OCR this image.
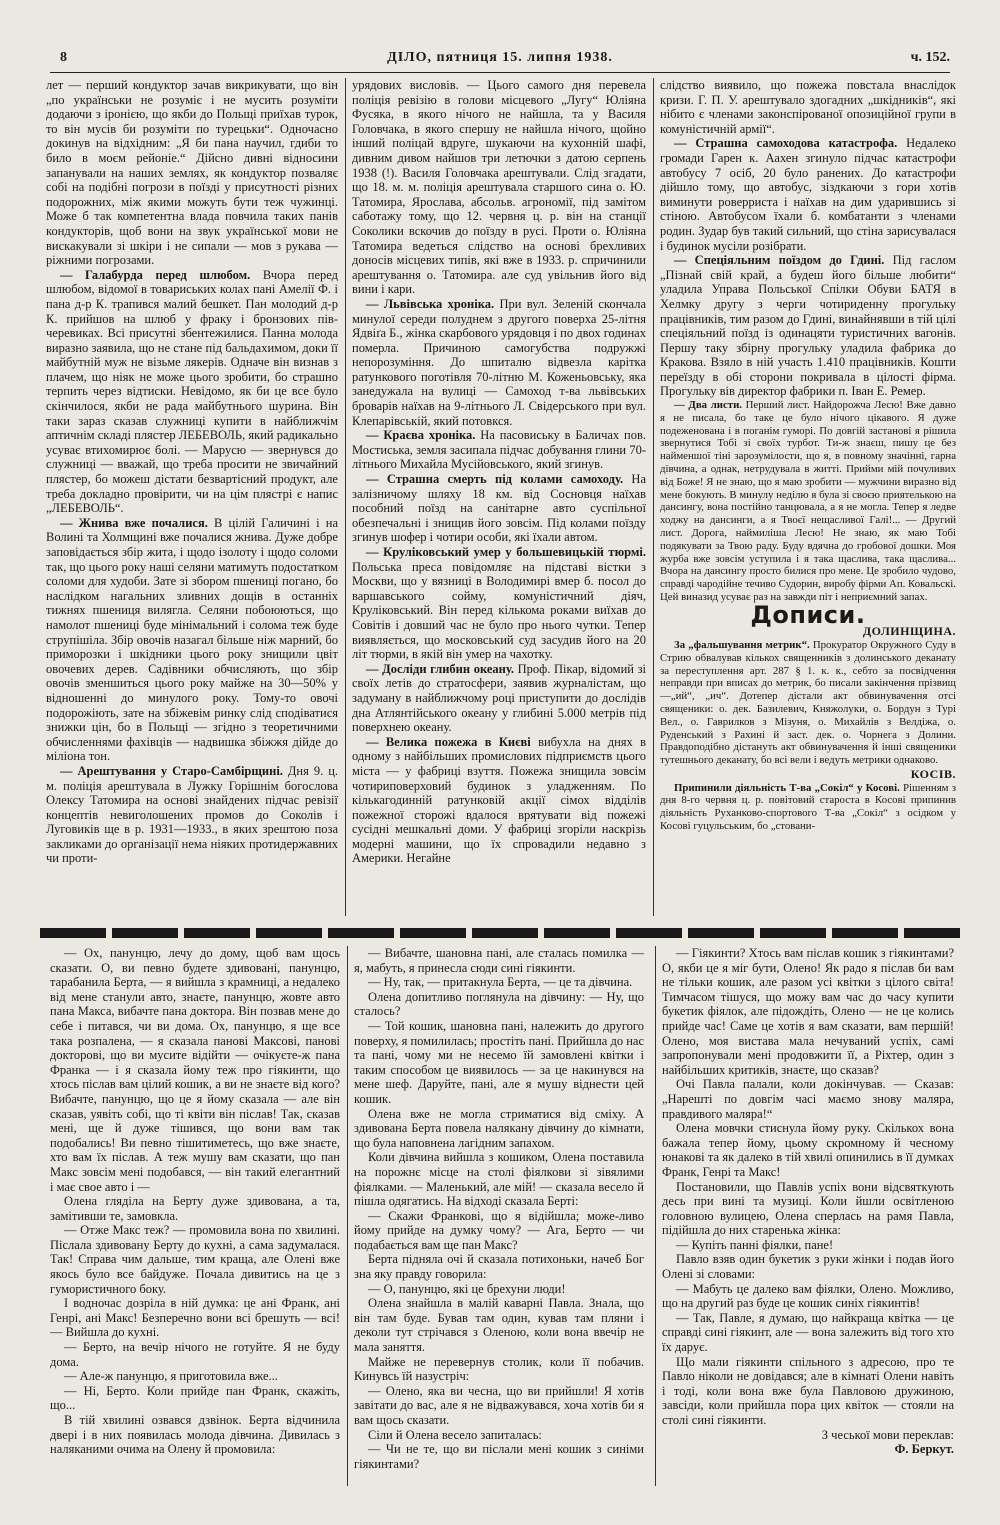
8	ДІЛО, пятниця 15. липня 1938.	ч. 152.

лет — перший кондуктор зачав викрикувати, що він „по українськи не розуміє і не мусить розуміти додаючи з іронією, що якби до Польщі приїхав турок, то він мусів би розуміти по турецьки“. Одночасно докинув на відхідним: „Я би пана научил, гдиби то било в моєм рейоніе.“ Дійсно дивні відносини запанували на наших землях, як кондуктор позваляє собі на подібні погрози в поїзді у присутності різних подорожних, між якими можуть бути теж чужинці. Може б так компетентна влада повчила таких панів кондукторів, щоб вони на звук української мови не вискакували зі шкіри і не сипали — мов з рукава — ріжними погрозами.

— Галабурда перед шлюбом. Вчора перед шлюбом, відомої в товариських колах пані Амелії Ф. і пана д-р К. трапився малий бешкет. Пан молодий д-р К. прийшов на шлюб у фраку і бронзових пів-черевиках. Всі присутні збентежилися. Панна молода виразно заявила, що не стане під бальдахимом, доки її майбутній муж не візьме лякерів. Одначе він визнав з плачем, що ніяк не може цього зробити, бо страшно терпить через відтиски. Невідомо, як би це все було скінчилося, якби не рада майбутнього шурина. Він таки зараз сказав служниці купити в найближчім аптичнім складі плястер ЛЕБЕВОЛЬ, який радикально усуває втихомирює болі. — Марусю — звернувся до служниці — вважай, що треба просити не звичайний плястер, бо можеш дістати безвартісний продукт, але треба докладно провірити, чи на цім плястрі є напис „ЛЕБЕВОЛЬ“.

— Жнива вже почалися. В цілій Галичині і на Волині та Холмщині вже почалися жнива. Дуже добре заповідається збір жита, і щодо ізолоту і щодо соломи так, що цього року наші селяни матимуть подостатком соломи для худоби. Зате зі збором пшениці погано, бо наслідком нагальних зливних дощів в останніх тижнях пшениця вилягла. Селяни побоюються, що намолот пшениці буде мінімальний і солома теж буде струпішіла. Збір овочів назагал більше ніж марний, бо приморозки і шкідники цього року знищили цвіт овочевих дерев. Садівники обчисляють, що збір овочів зменшиться цього року майже на 30—50% у відношенні до минулого року. Тому-то овочі подорожіють, зате на збіжевім ринку слід сподіватися знижки цін, бо в Польщі — згідно з теоретичними обчисленнями фахівців — надвишка збіжжя дійде до міліона тон.

— Арештування у Старо-Самбірщині. Дня 9. ц. м. поліція арештувала в Лужку Горішнім богослова Олексу Татомира на основі знайдених підчас ревізії концептів невиголошених промов до Соколів і Луговиків ще в р. 1931—1933., в яких зрештою поза закликами до організації нема ніяких протидержавних чи проти-

урядових висловів. — Цього самого дня перевела поліція ревізію в голови місцевого „Лугу“ Юліяна Фусяка, в якого нічого не найшла, та у Василя Головчака, в якого спершу не найшла нічого, щойно інший поліцай вдруге, шукаючи на кухонній шафі, дивним дивом найшов три летючки з датою серпень 1938 (!). Василя Головчака арештували. Слід згадати, що 18. м. м. поліція арештувала старшого сина о. Ю. Татомира, Ярослава, абсольв. агрономії, під замітом саботажу тому, що 12. червня ц. р. він на станції Соколики вскочив до поїзду в русі. Проти о. Юліяна Татомира ведеться слідство на основі брехливих доносів місцевих типів, які вже в 1933. р. спричинили арештування о. Татомира. але суд увільнив його від вини і кари.

— Львівська хроніка. При вул. Зеленій скончала минулої середи полуднем з другого поверха 25-літня Ядвіґа Б., жінка скарбового урядовця і по двох годинах померла. Причиною самогубства подружжі непорозуміння. До шпиталю відвезла карітка ратункового поготівля 70-літню М. Коженьовську, яка занедужала на вулиці — Самоход т-ва львівських броварів наїхав на 9-літнього Л. Свідерського при вул. Клепарівській, який потовкся.

— Краєва хроніка. На пасовиську в Баличах пов. Мостиська, земля засипала підчас добування глини 70-літнього Михайла Мусійовського, який згинув.

— Страшна смерть під колами самоходу. На залізничому шляху 18 км. від Сосновця наїхав пособний поїзд на санітарне авто суспільної обезпечальні і знищив його зовсім. Під колами поїзду згинув шофер і чотири особи, які їхали автом.

— Круліковський умер у большевицькій тюрмі. Польська преса повідомляє на підставі вістки з Москви, що у вязниці в Володимирі вмер б. посол до варшавського сойму, комуністичний діяч, Круліковський. Він перед кількома роками виїхав до Совітів і довший час не було про нього чутки. Тепер виявляється, що московський суд засудив його на 20 літ тюрми, в якій він умер на чахотку.

— Досліди глибин океану. Проф. Пікар, відомий зі своїх летів до стратосфери, заявив журналістам, що задуману в найближчому році приступити до дослідів дна Атлянтійського океану у глибині 5.000 метрів під поверхнею океану.

— Велика пожежа в Києві вибухла на днях в одному з найбільших промислових підприємств цього міста — у фабриці взуття. Пожежа знищила зовсім чотириповерховий будинок з уладженням. По кількагодинній ратунковій акції сімох відділів пожежної сторожі вдалося врятувати від пожежі сусідні мешкальні доми. У фабриці згоріли наскрізь модерні машини, що їх спровадили недавно з Америки. Негайне

слідство виявило, що пожежа повстала внаслідок кризи. Г. П. У. арештувало здогадних „шкідників“, які нібито є членами законспірованої опозиційної групи в комуністичній армії“.

— Страшна самоходова катастрофа. Недалеко громади Гарен к. Аахен згинуло підчас катастрофи автобусу 7 осіб, 20 було ранених. До катастрофи дійшло тому, що автобус, зіздкаючи з гори хотів виминути роверриста і наїхав на дим ударившись зі стіною. Автобусом їхали б. комбатанти з членами родин. Зудар був такий сильний, що стіна зарисувалася і будинок мусіли розібрати.

— Спеціяльним поїздом до Гдині. Під гаслом „Пізнай свій край, а будеш його більше любити“ уладила Управа Польської Спілки Обуви БАТЯ в Хелмку другу з черги чотириденну прогульку працівників, тим разом до Гдині, винайнявши в тій цілі спеціяльний поїзд із одинацяти туристичних вагонів. Першу таку збірну прогульку уладила фабрика до Кракова. Взяло в ній участь 1.410 працівників. Кошти переїзду в обі сторони покривала в цілості фірма. Прогульку вів директор фабрики п. Іван Е. Ремер.

— Два листи. Перший лист. Найдорожча Лесю! Вже давно я не писала, бо таке це було нічого цікавого. Я дуже подеженована і в поганім гуморі. По довгій застанові я рішила звернутися Тобі зі своїх турбот. Ти-ж знаєш, пишу це без найменшої тіні зарозумілости, що я, в повному значінні, гарна дівчина, а однак, нетрудувала в житті. Прийми мій почуливих від Боже! Я не знаю, що я маю зробити — мужчини виразно від мене бокують. В минулу неділю я була зі своєю приятелькою на дансингу, вона постійно танцювала, а я не могла. Тепер я ледве ходжу на дансинги, а я Твоєї нещасливої Галі!... — Другий лист. Дорога, наймиліша Лесю! Не знаю, як маю Тобі подякувати за Твою раду. Буду вдячна до гробової дошки. Моя журба вже зовсім уступила і я така щаслива, така щаслива... Вчора на дансингу просто билися про мене. Це зробило чудово, справді чародійне течиво Судорин, виробу фірми Ап. Ковальскі. Цей виназид усуває раз на завжди піт і неприємний запах.

Дописи.
ДОЛИНЩИНА.

За „фальшування метрик“. Прокуратор Окружного Суду в Стрию обвалував кількох священників з долинського деканату за переступлення арт. 287 § 1. к. к., себто за посвідчення неправди при вписах до метрик, бо писали закінчення прізвищ —„ий“, „ич“. Дотепер дістали акт обвинувачення отсі священики: о. дек. Базилевич, Княжолуки, о. Бордун з Турі Вел., о. Гаврилков з Мізуня, о. Михайлів з Велдіжа, о. Руденський з Рахині й заст. дек. о. Чорнега з Долини. Правдоподібно дістануть акт обвинувачення й інші священики тутешнього деканату, бо всі вели і ведуть метрики однаково.

КОСІВ.

Припинили діяльність Т-ва „Сокіл“ у Косові. Рішенням з дня 8-го червня ц. р. повітовий староста в Косові припинив діяльність Руханково-спортового Т-ва „Сокіл“ з осідком у Косові гуцульським, бо „стовани-

— Ох, панунцю, лечу до дому, щоб вам щось сказати. О, ви певно будете здивовані, панунцю, тарабанила Берта, — я вийшла з крамниці, а недалеко від мене станули авто, знаєте, панунцю, жовте авто пана Макса, вибачте пана доктора. Він позвав мене до себе і питався, чи ви дома. Ох, панунцю, я ще все така розпалена, — я сказала панові Максові, панові докторові, що ви мусите відійти — очікуєте-ж пана Франка — і я сказала йому теж про гіякинти, що хтось післав вам цілий кошик, а ви не знаєте від кого? Вибачте, панунцю, що це я йому сказала — але він сказав, уявіть собі, що ті квіти він післав! Так, сказав мені, ще й дуже тішився, що вони вам так подобались! Ви певно тішитиметесь, що вже знаєте, хто вам їх післав. А теж мушу вам сказати, що пан Макс зовсім мені подобався, — він такий елегантний і має свое авто і —

Олена гляділа на Берту дуже здивована, а та, замітивши те, замовкла.

— Отже Макс теж? — промовила вона по хвилині. Післала здивовану Берту до кухні, а сама задумалася. Так! Справа чим дальше, тим краща, але Олені вже якось було все байдуже. Почала дивитись на це з гумористичного боку.

І водночас дозріла в ній думка: це ані Франк, ані Генрі, ані Макс! Безперечно вони всі брешуть — всі! — Вийшла до кухні.

— Берто, на вечір нічого не готуйте. Я не буду дома.

— Але-ж панунцю, я приготовила вже...

— Ні, Берто. Коли прийде пан Франк, скажіть, що...

В тій хвилині озвався дзвінок. Берта відчинила двері і в них появилась молода дівчина. Дивилась з наляканими очима на Олену й промовила:

— Вибачте, шановна пані, але сталась помилка — я, мабуть, я принесла сюди сині гіякинти.

— Ну, так, — притакнула Берта, — це та дівчина.

Олена допитливо поглянула на дівчину: — Ну, що сталось?

— Той кошик, шановна пані, належить до другого поверху, я помилилась; простіть пані. Прийшла до нас та пані, чому ми не несемо їй замовлені квітки і таким способом це виявилось — за це накинувся на мене шеф. Даруйте, пані, але я мушу віднести цей кошик.

Олена вже не могла стриматися від сміху. А здивована Берта повела налякану дівчину до кімнати, що була наповнена лагідним запахом.

Коли дівчина вийшла з кошиком, Олена поставила на порожнє місце на столі фіялкови зі зівялими фіялками. — Маленький, але мій! — сказала весело й пішла одягатись. На відході сказала Берті:

— Скажи Франкові, що я відійшла; може-ливо йому прийде на думку чому? — Ага, Берто — чи подабається вам ще пан Макс?

Берта підняла очі й сказала потихоньки, начеб Бог зна яку правду говорила:

— О, панунцю, які це брехуни люди!

Олена знайшла в малій каварні Павла. Знала, що він там буде. Бував там один, кував там пляни і деколи тут стрічався з Оленою, коли вона ввечір не мала заняття.

Майже не перевернув столик, коли її побачив. Кинувсь їй назустріч:

— Олено, яка ви чесна, що ви прийшли! Я хотів завітати до вас, але я не відважувався, хоча хотів би я вам щось сказати.

Сіли й Олена весело запиталась:

— Чи не те, що ви післали мені кошик з синіми гіякинтами?

— Гіякинти? Хтось вам післав кошик з гіякинтами? О, якби це я міг бути, Олено! Як радо я післав би вам не тільки кошик, але разом усі квітки з цілого світа! Тимчасом тішуся, що можу вам час до часу купити букетик фіялок, але підождіть, Олено — не це колись прийде час! Саме це хотів я вам сказати, вам першій! Олено, моя вистава мала нечуваний успіх, самі запропонували мені продовжити її, а Ріхтер, один з найбільших критиків, знаєте, що сказав?

Очі Павла палали, коли докінчував. — Сказав: „Нарешті по довгім часі маємо знову маляра, правдивого маляра!“

Олена мовчки стиснула йому руку. Скількох вона бажала тепер йому, цьому скромному й чесному юнакові та як далеко в тій хвилі опинились в її думках Франк, Генрі та Макс!

Постановили, що Павлів успіх вони відсвяткують десь при вині та музиці. Коли йшли освітленою головною вулицею, Олена сперлась на рамя Павла, підійшла до них старенька жінка:

— Купіть панні фіялки, пане!

Павло взяв один букетик з руки жінки і подав його Олені зі словами:

— Мабуть це далеко вам фіялки, Олено. Можливо, що на другий раз буде це кошик синіх гіякинтів!

— Так, Павле, я думаю, що найкраща квітка — це справді сині гіякинт, але — вона залежить від того хто їх дарує.

Що мали гіякинти спільного з адресою, про те Павло ніколи не довідався; але в кімнаті Олени навіть і тоді, коли вона вже була Павловою дружиною, завсіди, коли прийшла пора цих квіток — стояли на столі сині гіякинти.

З чеської мови переклав:

Ф. Беркут.
